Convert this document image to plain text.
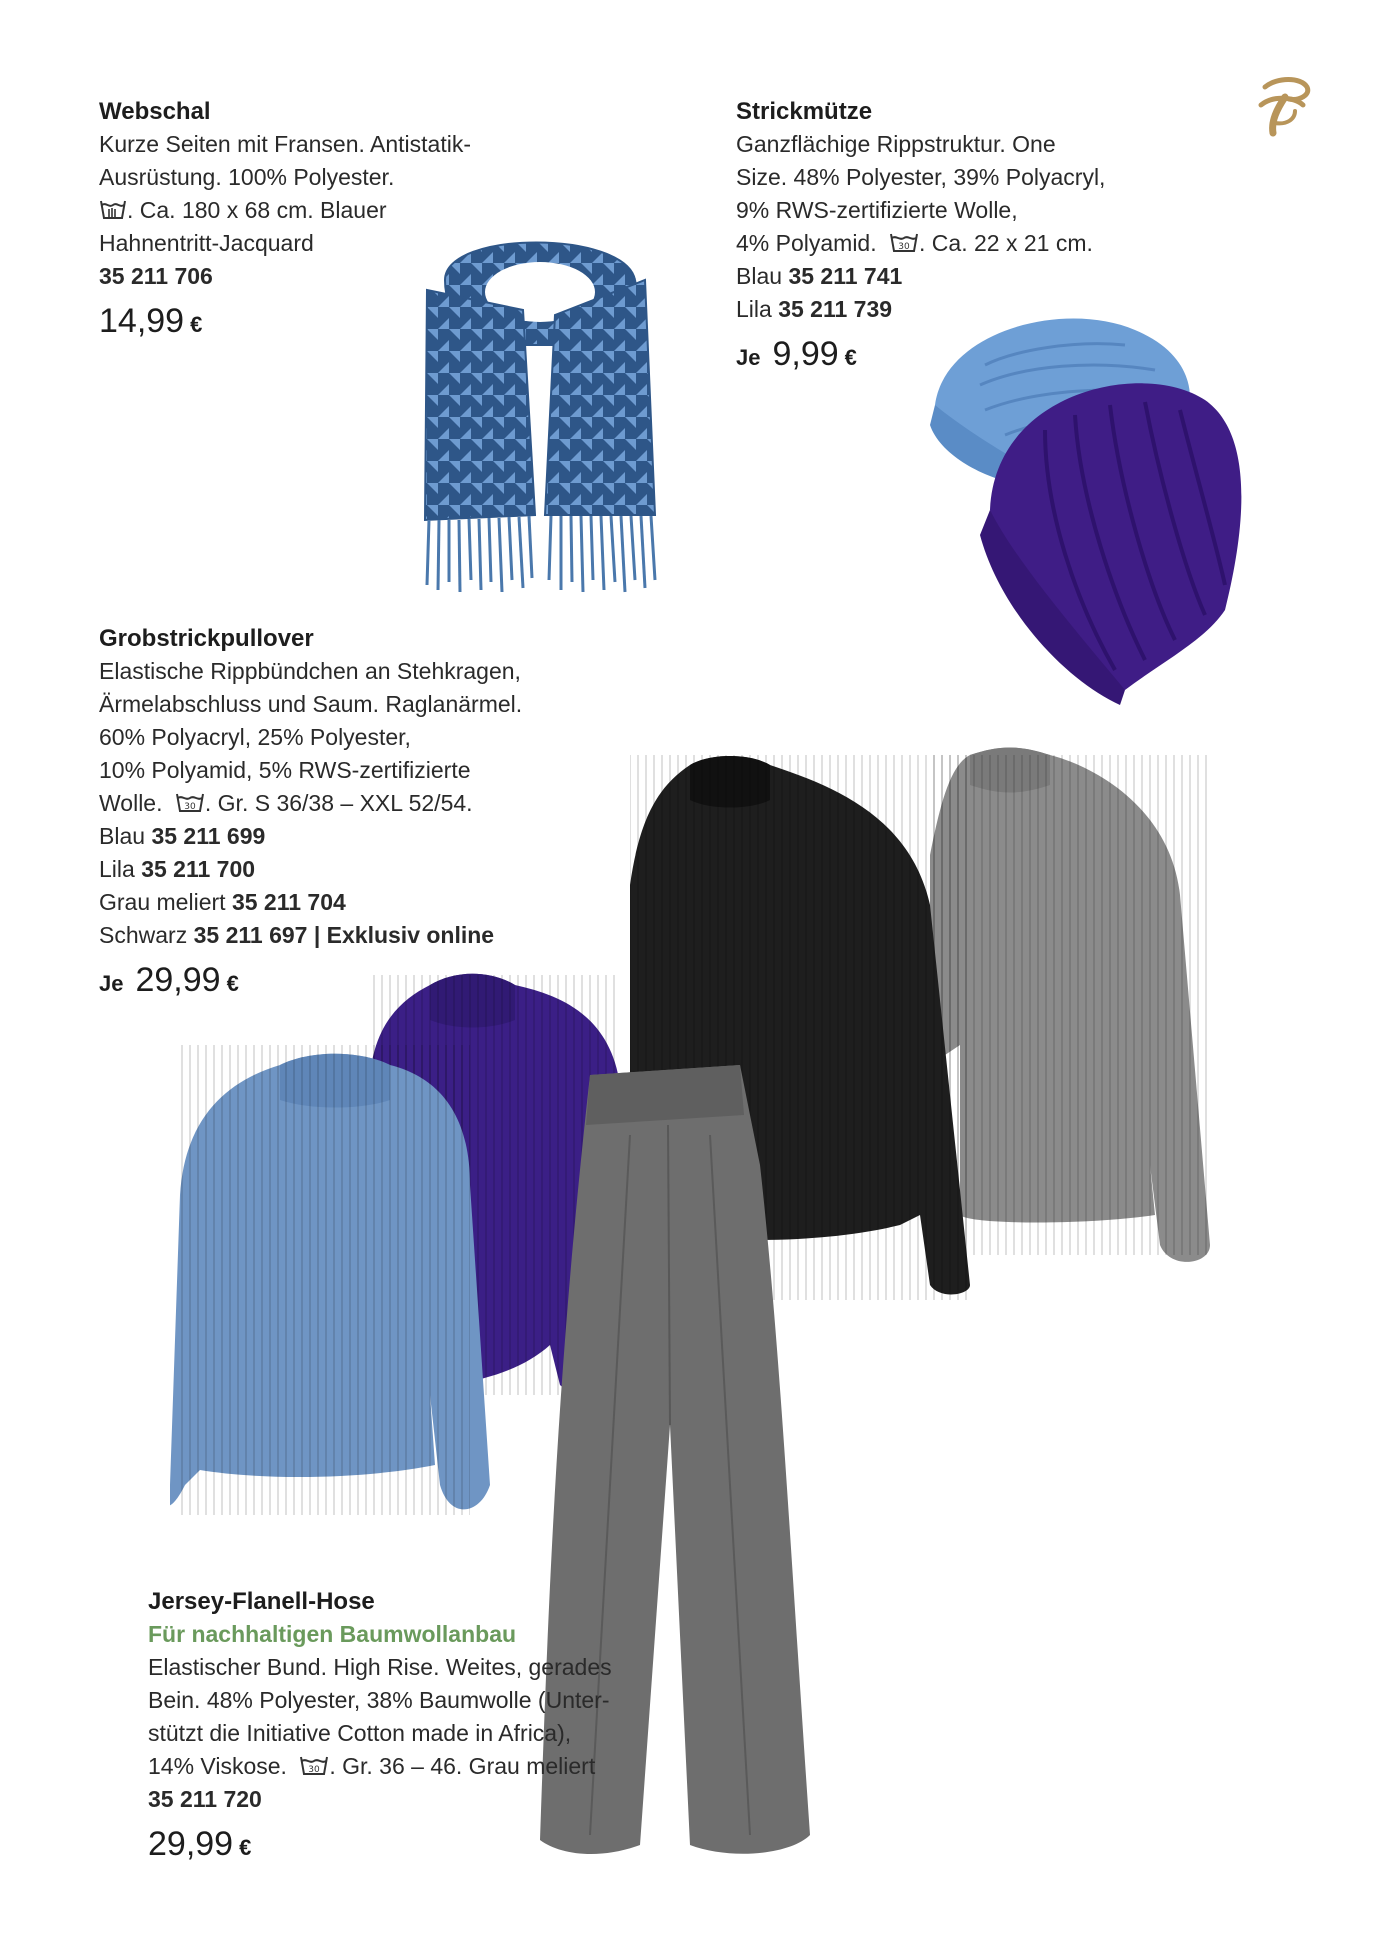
Webschal
Kurze Seiten mit Fransen. Antistatik-
Ausrüstung. 100% Polyester.
. Ca. 180 x 68 cm. Blauer
Hahnentritt-Jacquard
35 211 706
14,99 €
Strickmütze
Ganzflächige Rippstruktur. One
Size. 48% Polyester, 39% Polyacryl,
9% RWS-zertifizierte Wolle,
4% Polyamid. 30 . Ca. 22 x 21 cm.
Blau 35 211 741
Lila 35 211 739
Je 9,99 €
Grobstrickpullover
Elastische Rippbündchen an Stehkragen,
Ärmelabschluss und Saum. Raglanärmel.
60% Polyacryl, 25% Polyester,
10% Polyamid, 5% RWS-zertifizierte
Wolle. 30 . Gr. S 36/38 – XXL 52/54.
Blau 35 211 699
Lila 35 211 700
Grau meliert 35 211 704
Schwarz 35 211 697 | Exklusiv online
Je 29,99 €
Jersey-Flanell-Hose
Für nachhaltigen Baumwollanbau
Elastischer Bund. High Rise. Weites, gerades
Bein. 48% Polyester, 38% Baumwolle (Unter-
stützt die Initiative Cotton made in Africa),
14% Viskose. 30 . Gr. 36 – 46. Grau meliert
35 211 720
29,99 €
